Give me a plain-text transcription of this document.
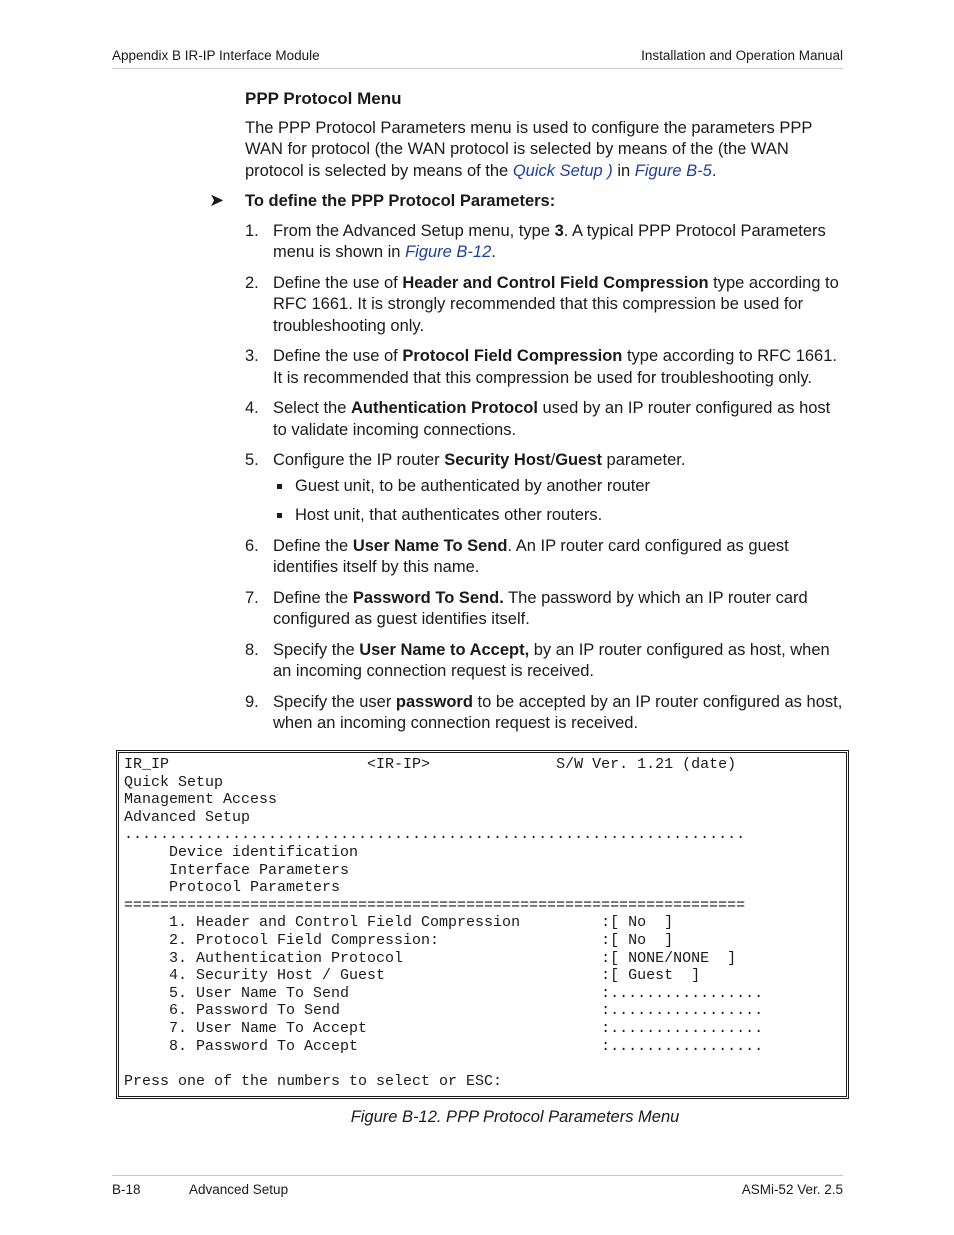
Appendix B IR-IP Interface Module	Installation and Operation Manual
PPP Protocol Menu

The PPP Protocol Parameters menu is used to configure the parameters PPP WAN for protocol (the WAN protocol is selected by means of the (the WAN protocol is selected by means of the Quick Setup ) in Figure B-5.

➤ To define the PPP Protocol Parameters:
1. From the Advanced Setup menu, type 3. A typical PPP Protocol Parameters menu is shown in Figure B-12.
2. Define the use of Header and Control Field Compression type according to RFC 1661. It is strongly recommended that this compression be used for troubleshooting only.
3. Define the use of Protocol Field Compression type according to RFC 1661. It is recommended that this compression be used for troubleshooting only.
4. Select the Authentication Protocol used by an IP router configured as host to validate incoming connections.
5. Configure the IP router Security Host/Guest parameter.
Guest unit, to be authenticated by another router
Host unit, that authenticates other routers.
6. Define the User Name To Send. An IP router card configured as guest identifies itself by this name.
7. Define the Password To Send. The password by which an IP router card configured as guest identifies itself.
8. Specify the User Name to Accept, by an IP router configured as host, when an incoming connection request is received.
9. Specify the user password to be accepted by an IP router configured as host, when an incoming connection request is received.
IR_IP                      <IR-IP>              S/W Ver. 1.21 (date)
Quick Setup
Management Access
Advanced Setup
.....................................................................
Device identification
Interface Parameters
Protocol Parameters
=====================================================================
1. Header and Control Field Compression         :[ No  ]
2. Protocol Field Compression:                  :[ No  ]
3. Authentication Protocol                      :[ NONE/NONE  ]
4. Security Host / Guest                        :[ Guest  ]
5. User Name To Send                            :.................
6. Password To Send                             :.................
7. User Name To Accept                          :.................
8. Password To Accept                           :.................

Press one of the numbers to select or ESC:
Figure B-12. PPP Protocol Parameters Menu
B-18	Advanced Setup	ASMi-52 Ver. 2.5
